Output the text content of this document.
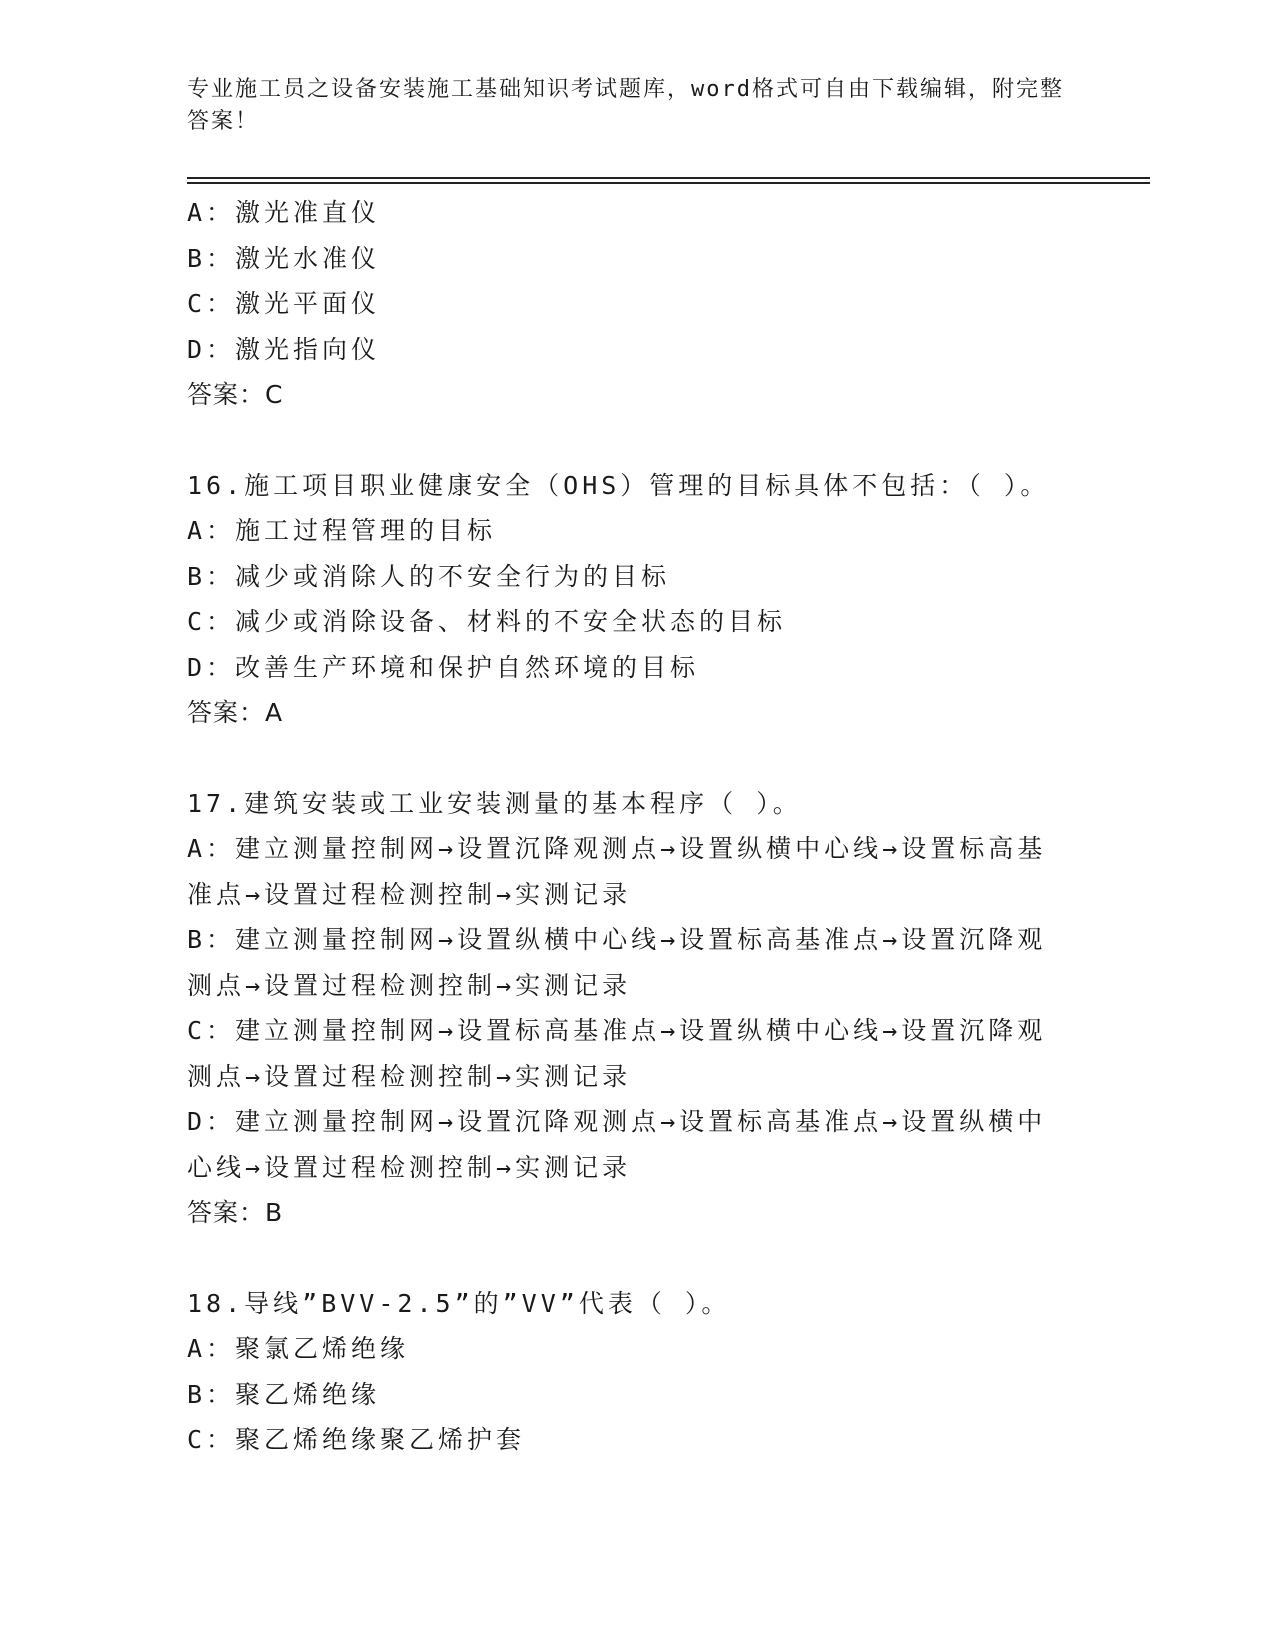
专业施工员之设备安装施工基础知识考试题库，word格式可自由下载编辑，附完整答案！
A：激光准直仪
B：激光水准仪
C：激光平面仪
D：激光指向仪
答案：C
16.施工项目职业健康安全（OHS）管理的目标具体不包括：（ ）。
A：施工过程管理的目标
B：减少或消除人的不安全行为的目标
C：减少或消除设备、材料的不安全状态的目标
D：改善生产环境和保护自然环境的目标
答案：A
17.建筑安装或工业安装测量的基本程序（ ）。
A：建立测量控制网→设置沉降观测点→设置纵横中心线→设置标高基准点→设置过程检测控制→实测记录
B：建立测量控制网→设置纵横中心线→设置标高基准点→设置沉降观测点→设置过程检测控制→实测记录
C：建立测量控制网→设置标高基准点→设置纵横中心线→设置沉降观测点→设置过程检测控制→实测记录
D：建立测量控制网→设置沉降观测点→设置标高基准点→设置纵横中心线→设置过程检测控制→实测记录
答案：B
18.导线”BVV-2.5”的”VV”代表（ ）。
A：聚氯乙烯绝缘
B：聚乙烯绝缘
C：聚乙烯绝缘聚乙烯护套
